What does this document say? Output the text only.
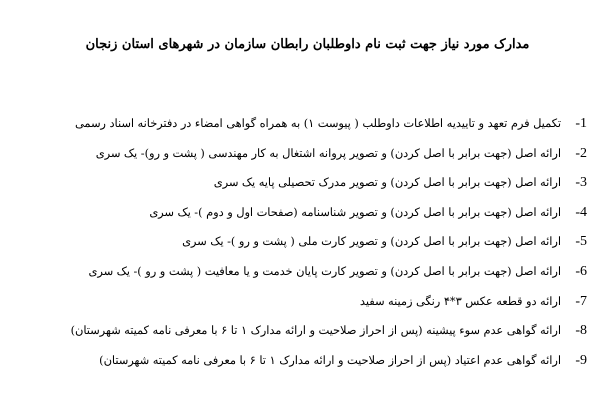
مدارک مورد نیاز جهت ثبت نام داوطلبان رابطان سازمان در شهرهای استان زنجان
-1
تکمیل فرم تعهد و تاییدیه اطلاعات داوطلب ( پیوست ۱) به همراه گواهی امضاء در دفترخانه اسناد رسمی
-2
ارائه اصل (جهت برابر با اصل کردن) و تصویر پروانه اشتغال به کار مهندسی ( پشت و رو)- یک سری
-3
ارائه اصل (جهت برابر با اصل کردن) و تصویر مدرک تحصیلی پایه یک سری
-4
ارائه اصل (جهت برابر با اصل کردن) و تصویر شناسنامه (صفحات اول و دوم )- یک سری
-5
ارائه اصل (جهت برابر با اصل کردن) و تصویر کارت ملی ( پشت و رو )- یک سری
-6
ارائه اصل (جهت برابر با اصل کردن) و تصویر کارت پایان خدمت و یا معافیت ( پشت و رو )- یک سری
-7
ارائه دو قطعه عکس ۳*۴ رنگی زمینه سفید
-8
ارائه گواهی عدم سوء پیشینه (پس از احراز صلاحیت و ارائه مدارک ۱ تا ۶ با معرفی نامه کمیته شهرستان)
-9
ارائه گواهی عدم اعتیاد (پس از احراز صلاحیت و ارائه مدارک ۱ تا ۶ با معرفی نامه کمیته شهرستان)
